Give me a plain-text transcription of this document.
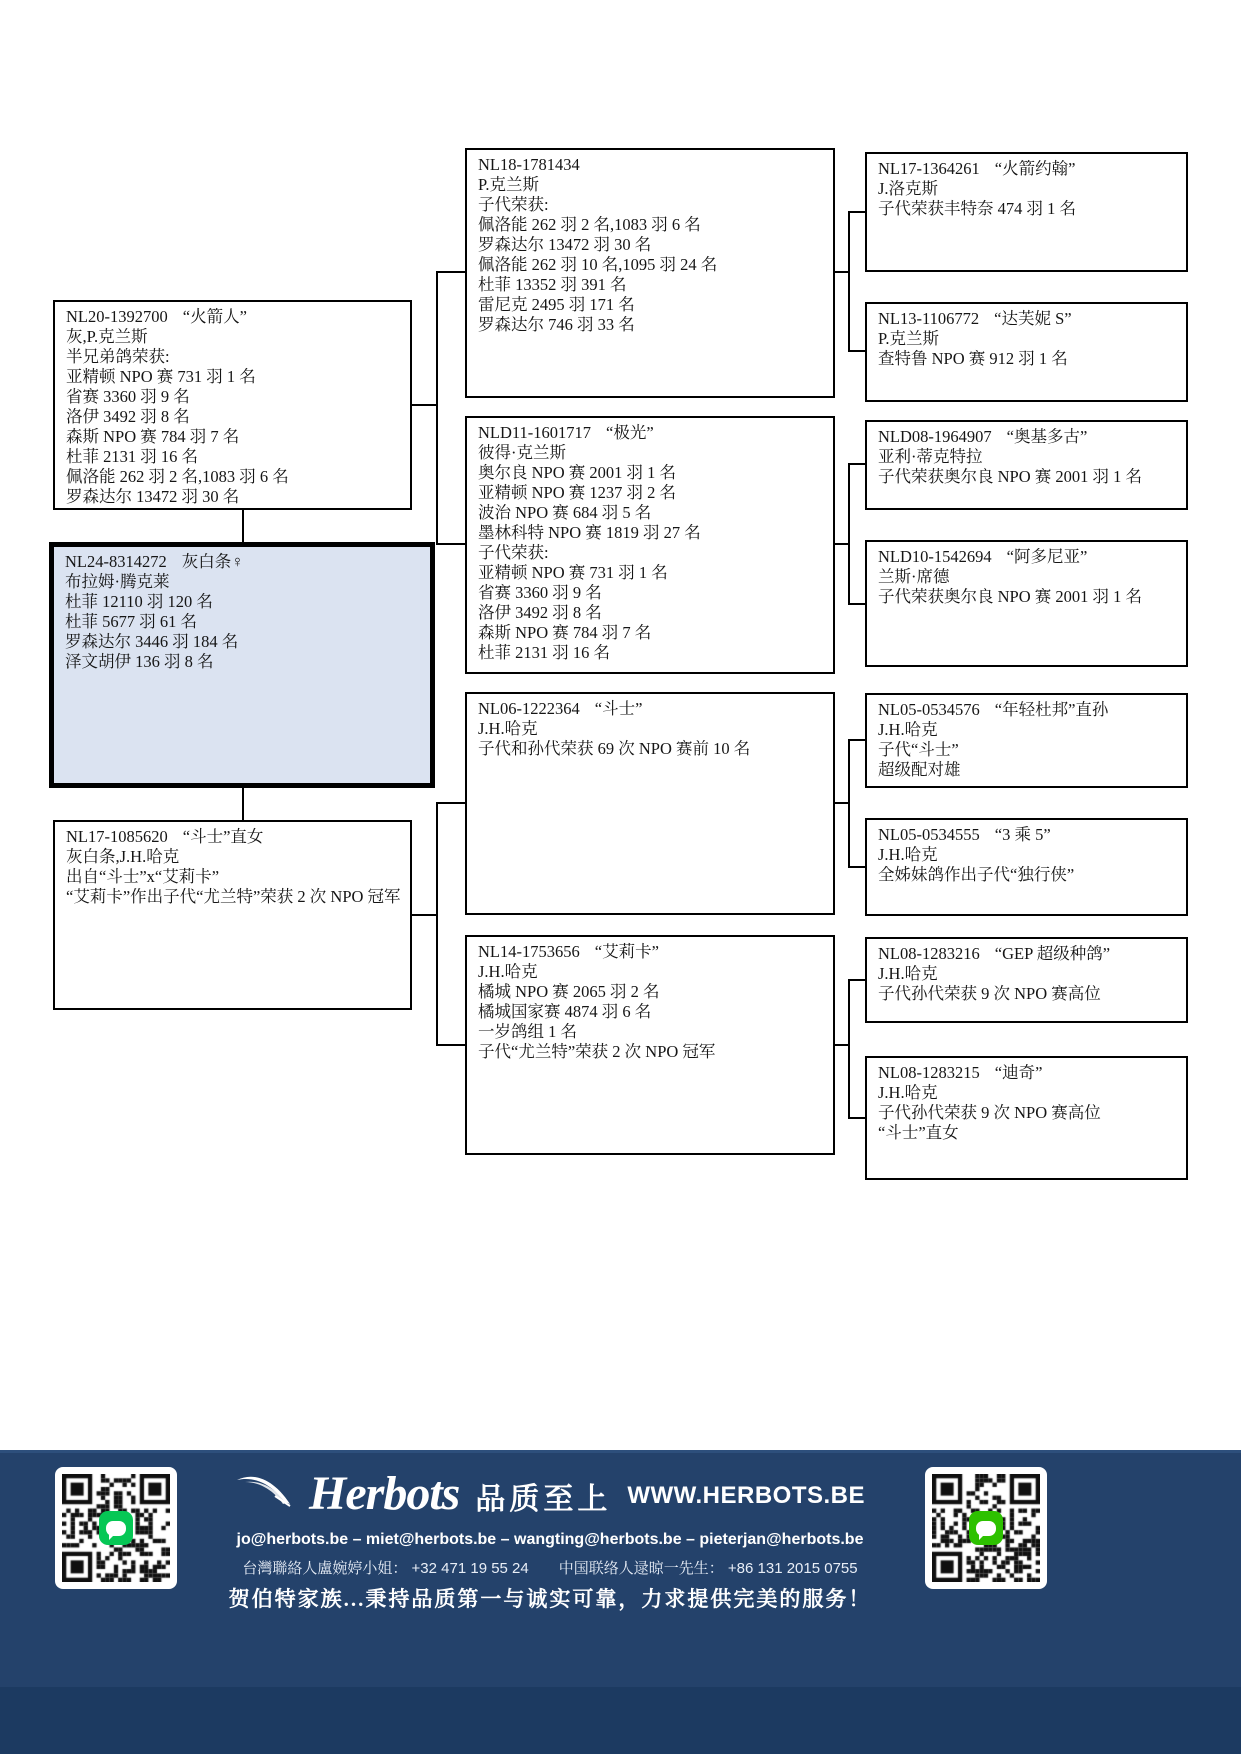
NL20-1392700 “火箭人”
灰,P.克兰斯
半兄弟鸽荣获:
亚精顿 NPO 赛 731 羽 1 名
省赛 3360 羽 9 名
洛伊 3492 羽 8 名
森斯 NPO 赛 784 羽 7 名
杜菲 2131 羽 16 名
佩洛能 262 羽 2 名,1083 羽 6 名
罗森达尔 13472 羽 30 名
NL24-8314272 灰白条♀
布拉姆·腾克莱
杜菲 12110 羽 120 名
杜菲 5677 羽 61 名
罗森达尔 3446 羽 184 名
泽文胡伊 136 羽 8 名
NL17-1085620 “斗士”直女
灰白条,J.H.哈克
出自“斗士”x“艾莉卡”
“艾莉卡”作出子代“尤兰特”荣获 2 次 NPO 冠军
NL18-1781434
P.克兰斯
子代荣获:
佩洛能 262 羽 2 名,1083 羽 6 名
罗森达尔 13472 羽 30 名
佩洛能 262 羽 10 名,1095 羽 24 名
杜菲 13352 羽 391 名
雷尼克 2495 羽 171 名
罗森达尔 746 羽 33 名
NLD11-1601717 “极光”
彼得·克兰斯
奥尔良 NPO 赛 2001 羽 1 名
亚精顿 NPO 赛 1237 羽 2 名
波治 NPO 赛 684 羽 5 名
墨林科特 NPO 赛 1819 羽 27 名
子代荣获:
亚精顿 NPO 赛 731 羽 1 名
省赛 3360 羽 9 名
洛伊 3492 羽 8 名
森斯 NPO 赛 784 羽 7 名
杜菲 2131 羽 16 名
NL06-1222364 “斗士”
J.H.哈克
子代和孙代荣获 69 次 NPO 赛前 10 名
NL14-1753656 “艾莉卡”
J.H.哈克
橘城 NPO 赛 2065 羽 2 名
橘城国家赛 4874 羽 6 名
一岁鸽组 1 名
子代“尤兰特”荣获 2 次 NPO 冠军
NL17-1364261 “火箭约翰”
J.洛克斯
子代荣获丰特奈 474 羽 1 名
NL13-1106772 “达芙妮 S”
P.克兰斯
查特鲁 NPO 赛 912 羽 1 名
NLD08-1964907 “奥基多古”
亚利·蒂克特拉
子代荣获奥尔良 NPO 赛 2001 羽 1 名
NLD10-1542694 “阿多尼亚”
兰斯·席德
子代荣获奥尔良 NPO 赛 2001 羽 1 名
NL05-0534576 “年轻杜邦”直孙
J.H.哈克
子代“斗士”
超级配对雄
NL05-0534555 “3 乘 5”
J.H.哈克
全姊妹鸽作出子代“独行侠”
NL08-1283216 “GEP 超级种鸽”
J.H.哈克
子代孙代荣获 9 次 NPO 赛高位
NL08-1283215 “迪奇”
J.H.哈克
子代孙代荣获 9 次 NPO 赛高位
“斗士”直女
Herbots 品质至上 WWW.HERBOTS.BE
jo@herbots.be – miet@herbots.be – wangting@herbots.be – pieterjan@herbots.be
台灣聯絡人盧婉婷小姐： +32 471 19 55 24　　中国联络人逯晾一先生： +86 131 2015 0755
贺伯特家族...秉持品质第一与诚实可靠，力求提供完美的服务！
